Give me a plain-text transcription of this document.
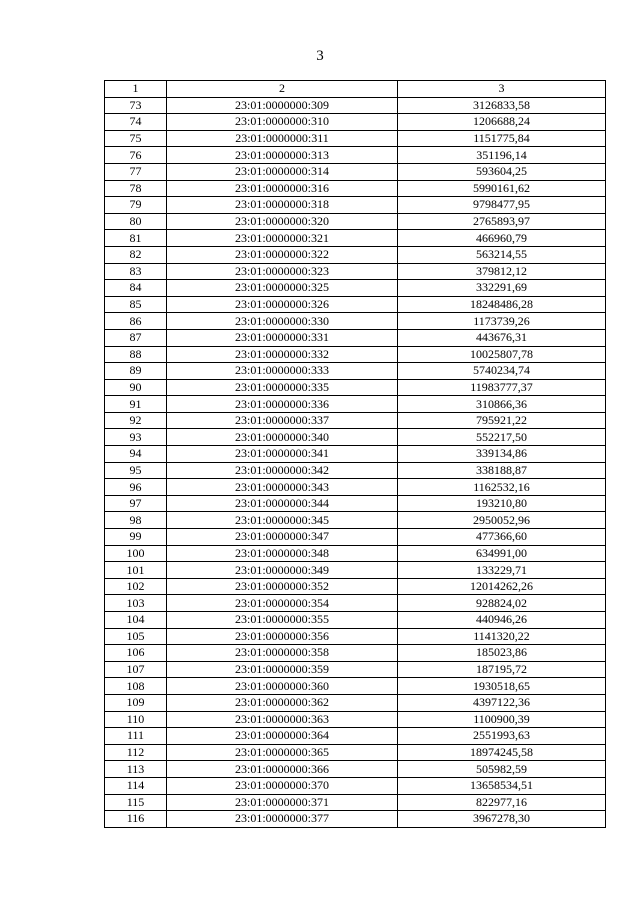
3
1	2	3
73	23:01:0000000:309	3126833,58
74	23:01:0000000:310	1206688,24
75	23:01:0000000:311	1151775,84
76	23:01:0000000:313	351196,14
77	23:01:0000000:314	593604,25
78	23:01:0000000:316	5990161,62
79	23:01:0000000:318	9798477,95
80	23:01:0000000:320	2765893,97
81	23:01:0000000:321	466960,79
82	23:01:0000000:322	563214,55
83	23:01:0000000:323	379812,12
84	23:01:0000000:325	332291,69
85	23:01:0000000:326	18248486,28
86	23:01:0000000:330	1173739,26
87	23:01:0000000:331	443676,31
88	23:01:0000000:332	10025807,78
89	23:01:0000000:333	5740234,74
90	23:01:0000000:335	11983777,37
91	23:01:0000000:336	310866,36
92	23:01:0000000:337	795921,22
93	23:01:0000000:340	552217,50
94	23:01:0000000:341	339134,86
95	23:01:0000000:342	338188,87
96	23:01:0000000:343	1162532,16
97	23:01:0000000:344	193210,80
98	23:01:0000000:345	2950052,96
99	23:01:0000000:347	477366,60
100	23:01:0000000:348	634991,00
101	23:01:0000000:349	133229,71
102	23:01:0000000:352	12014262,26
103	23:01:0000000:354	928824,02
104	23:01:0000000:355	440946,26
105	23:01:0000000:356	1141320,22
106	23:01:0000000:358	185023,86
107	23:01:0000000:359	187195,72
108	23:01:0000000:360	1930518,65
109	23:01:0000000:362	4397122,36
110	23:01:0000000:363	1100900,39
111	23:01:0000000:364	2551993,63
112	23:01:0000000:365	18974245,58
113	23:01:0000000:366	505982,59
114	23:01:0000000:370	13658534,51
115	23:01:0000000:371	822977,16
116	23:01:0000000:377	3967278,30
